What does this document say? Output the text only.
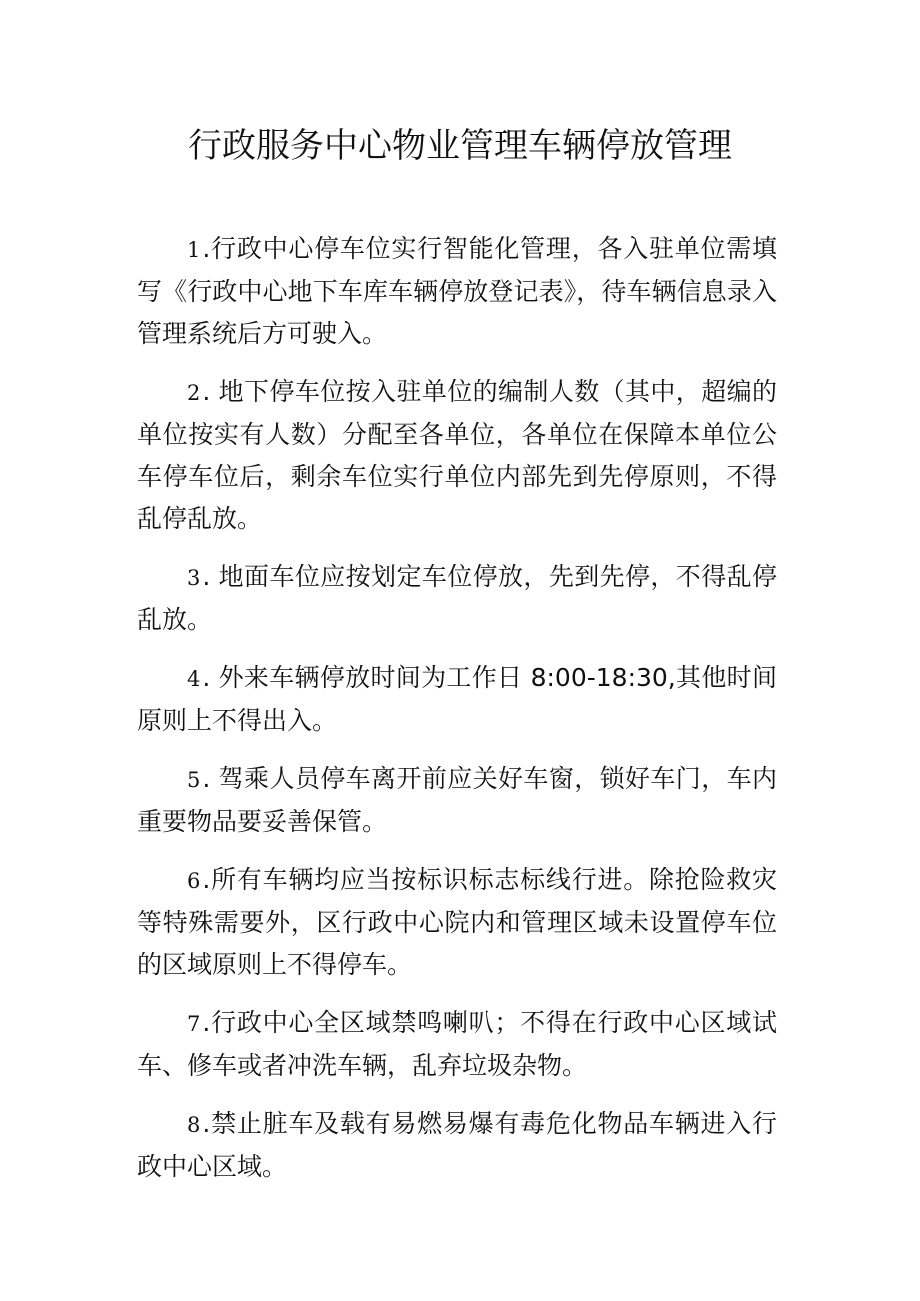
行政服务中心物业管理车辆停放管理

1.行政中心停车位实行智能化管理，各入驻单位需填写《行政中心地下车库车辆停放登记表》，待车辆信息录入管理系统后方可驶入。

2. 地下停车位按入驻单位的编制人数（其中，超编的单位按实有人数）分配至各单位，各单位在保障本单位公车停车位后，剩余车位实行单位内部先到先停原则，不得乱停乱放。

3. 地面车位应按划定车位停放，先到先停，不得乱停乱放。

4. 外来车辆停放时间为工作日 8:00-18:30,其他时间原则上不得出入。

5. 驾乘人员停车离开前应关好车窗，锁好车门，车内重要物品要妥善保管。

6.所有车辆均应当按标识标志标线行进。除抢险救灾等特殊需要外，区行政中心院内和管理区域未设置停车位的区域原则上不得停车。

7.行政中心全区域禁鸣喇叭；不得在行政中心区域试车、修车或者冲洗车辆，乱弃垃圾杂物。

8.禁止脏车及载有易燃易爆有毒危化物品车辆进入行政中心区域。
